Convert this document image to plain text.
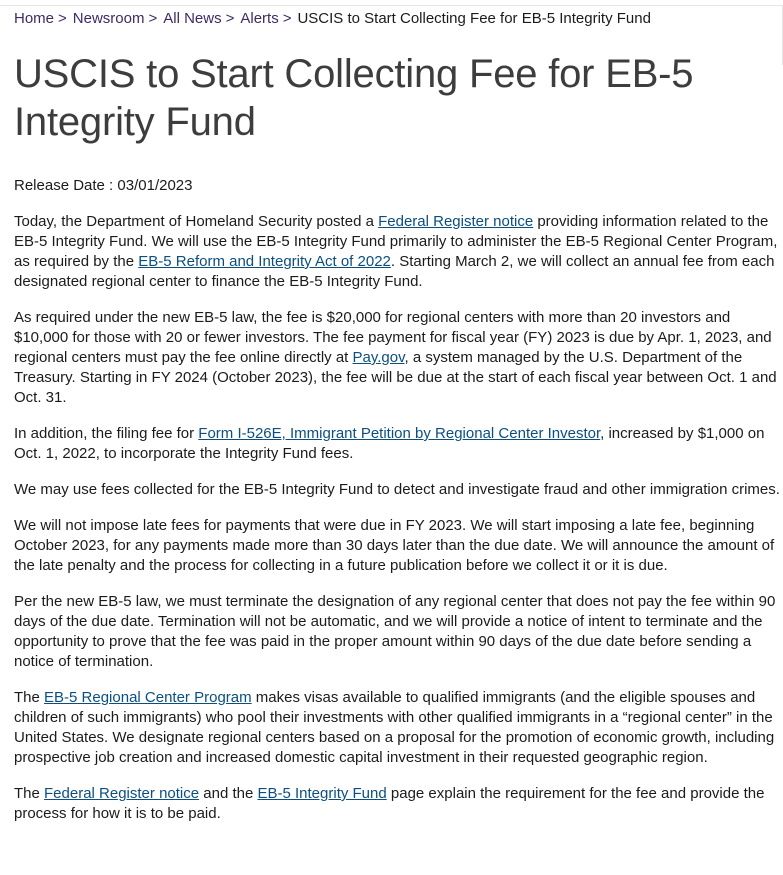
Home > Newsroom > All News > Alerts > USCIS to Start Collecting Fee for EB-5 Integrity Fund
USCIS to Start Collecting Fee for EB-5 Integrity Fund
Release Date : 03/01/2023

Today, the Department of Homeland Security posted a Federal Register notice providing information related to the EB-5 Integrity Fund. We will use the EB-5 Integrity Fund primarily to administer the EB-5 Regional Center Program, as required by the EB-5 Reform and Integrity Act of 2022. Starting March 2, we will collect an annual fee from each designated regional center to finance the EB-5 Integrity Fund.

As required under the new EB-5 law, the fee is $20,000 for regional centers with more than 20 investors and $10,000 for those with 20 or fewer investors. The fee payment for fiscal year (FY) 2023 is due by Apr. 1, 2023, and regional centers must pay the fee online directly at Pay.gov, a system managed by the U.S. Department of the Treasury. Starting in FY 2024 (October 2023), the fee will be due at the start of each fiscal year between Oct. 1 and Oct. 31.

In addition, the filing fee for Form I-526E, Immigrant Petition by Regional Center Investor, increased by $1,000 on Oct. 1, 2022, to incorporate the Integrity Fund fees.

We may use fees collected for the EB-5 Integrity Fund to detect and investigate fraud and other immigration crimes.

We will not impose late fees for payments that were due in FY 2023. We will start imposing a late fee, beginning October 2023, for any payments made more than 30 days later than the due date. We will announce the amount of the late penalty and the process for collecting in a future publication before we collect it or it is due.

Per the new EB-5 law, we must terminate the designation of any regional center that does not pay the fee within 90 days of the due date. Termination will not be automatic, and we will provide a notice of intent to terminate and the opportunity to prove that the fee was paid in the proper amount within 90 days of the due date before sending a notice of termination.

The EB-5 Regional Center Program makes visas available to qualified immigrants (and the eligible spouses and children of such immigrants) who pool their investments with other qualified immigrants in a “regional center” in the United States. We designate regional centers based on a proposal for the promotion of economic growth, including prospective job creation and increased domestic capital investment in their requested geographic region.

The Federal Register notice and the EB-5 Integrity Fund page explain the requirement for the fee and provide the process for how it is to be paid.
